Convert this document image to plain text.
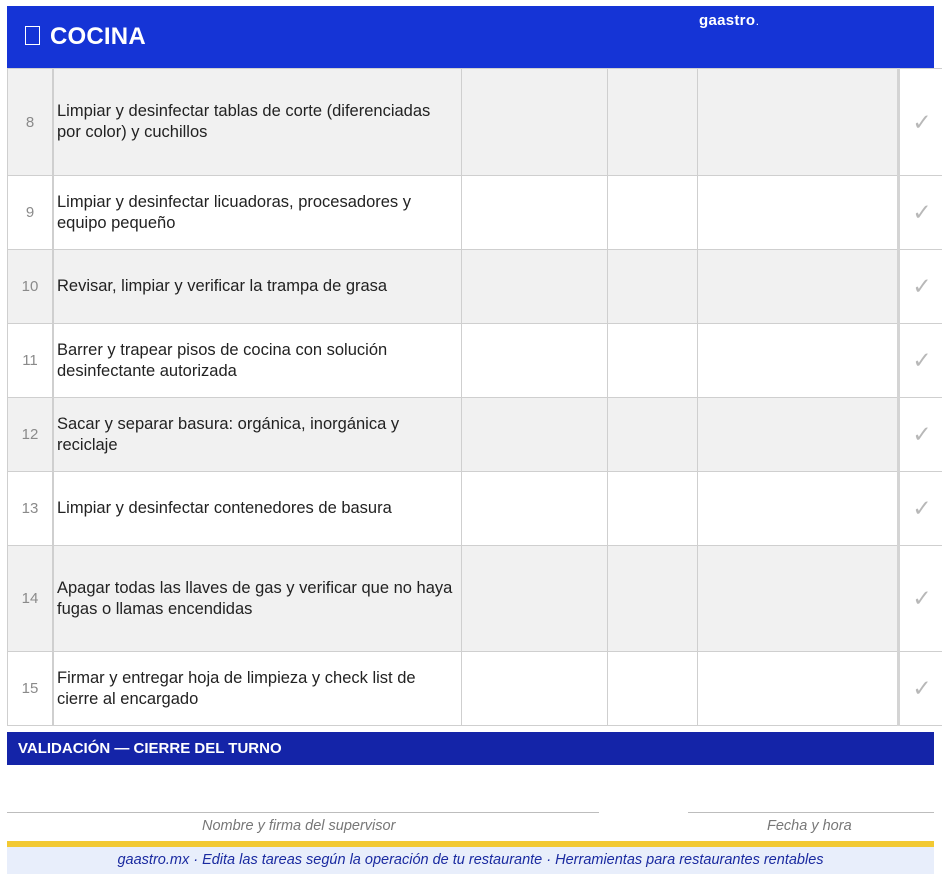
COCINA
gaastro.
8	Limpiar y desinfectar tablas de corte (diferenciadas por color) y cuchillos				✓
9	Limpiar y desinfectar licuadoras, procesadores y equipo pequeño				✓
10	Revisar, limpiar y verificar la trampa de grasa				✓
11	Barrer y trapear pisos de cocina con solución desinfectante autorizada				✓
12	Sacar y separar basura: orgánica, inorgánica y reciclaje				✓
13	Limpiar y desinfectar contenedores de basura				✓
14	Apagar todas las llaves de gas y verificar que no haya fugas o llamas encendidas				✓
15	Firmar y entregar hoja de limpieza y check list de cierre al encargado				✓
VALIDACIÓN — CIERRE DEL TURNO
Nombre y firma del supervisor	Fecha y hora
gaastro.mx · Edita las tareas según la operación de tu restaurante · Herramientas para restaurantes rentables
